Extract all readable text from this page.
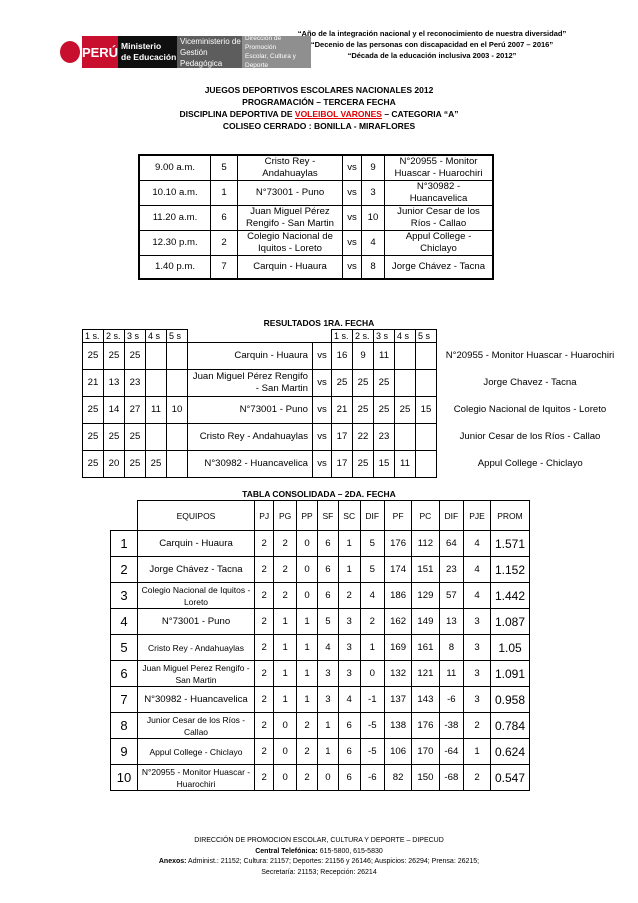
PERÚ Ministerio
de Educación
Viceministerio de
Gestión Pedagógica
Dirección de Promoción
Escolar, Cultura y Deporte
“Año de la integración nacional y el reconocimiento de nuestra diversidad”
“Decenio de las personas con discapacidad en el Perú 2007 – 2016”
“Década de la educación inclusiva 2003 - 2012”
JUEGOS DEPORTIVOS ESCOLARES NACIONALES 2012
PROGRAMACIÓN – TERCERA FECHA
DISCIPLINA DEPORTIVA DE VOLEIBOL VARONES – CATEGORIA “A”
COLISEO CERRADO : BONILLA - MIRAFLORES
9.00 a.m.	5	Cristo Rey - Andahuaylas	vs	9	N°20955 - Monitor Huascar - Huarochiri
10.10 a.m.	1	N°73001 - Puno	vs	3	N°30982 - Huancavelica
11.20 a.m.	6	Juan Miguel Pérez Rengifo - San Martin	vs	10	Junior Cesar de los Ríos - Callao
12.30 p.m.	2	Colegio Nacional de Iquitos - Loreto	vs	4	Appul College - Chiclayo
1.40 p.m.	7	Carquin - Huaura	vs	8	Jorge Chávez - Tacna
RESULTADOS 1RA. FECHA
1 s.	2 s.	3 s	4 s	5 s			1 s.	2 s.	3 s	4 s	5 s	
25	25	25			Carquin - Huaura	vs	16	9	11			N°20955 - Monitor Huascar - Huarochiri
21	13	23			Juan Miguel Pérez Rengifo - San Martin	vs	25	25	25			Jorge Chavez - Tacna
25	14	27	11	10	N°73001 - Puno	vs	21	25	25	25	15	Colegio Nacional de Iquitos - Loreto
25	25	25			Cristo Rey - Andahuaylas	vs	17	22	23			Junior Cesar de los Ríos - Callao
25	20	25	25		N°30982 - Huancavelica	vs	17	25	15	11		Appul College - Chiclayo
TABLA CONSOLIDADA – 2DA. FECHA
	EQUIPOS	PJ	PG	PP	SF	SC	DIF	PF	PC	DIF	PJE	PROM
1	Carquin - Huaura	2	2	0	6	1	5	176	112	64	4	1.571
2	Jorge Chávez - Tacna	2	2	0	6	1	5	174	151	23	4	1.152
3	Colegio Nacional de Iquitos - Loreto	2	2	0	6	2	4	186	129	57	4	1.442
4	N°73001 - Puno	2	1	1	5	3	2	162	149	13	3	1.087
5	Cristo Rey - Andahuaylas	2	1	1	4	3	1	169	161	8	3	1.05
6	Juan Miguel Perez Rengifo - San Martin	2	1	1	3	3	0	132	121	11	3	1.091
7	N°30982 - Huancavelica	2	1	1	3	4	-1	137	143	-6	3	0.958
8	Junior Cesar de los Ríos - Callao	2	0	2	1	6	-5	138	176	-38	2	0.784
9	Appul College - Chiclayo	2	0	2	1	6	-5	106	170	-64	1	0.624
10	N°20955 - Monitor Huascar - Huarochiri	2	0	2	0	6	-6	82	150	-68	2	0.547
DIRECCIÓN DE PROMOCION ESCOLAR, CULTURA Y DEPORTE – DIPECUD
Central Telefónica: 615-5800, 615-5830
Anexos: Administ.: 21152; Cultura: 21157; Deportes: 21156 y 26146; Auspicios: 26294; Prensa: 26215;
Secretaría: 21153; Recepción: 26214
